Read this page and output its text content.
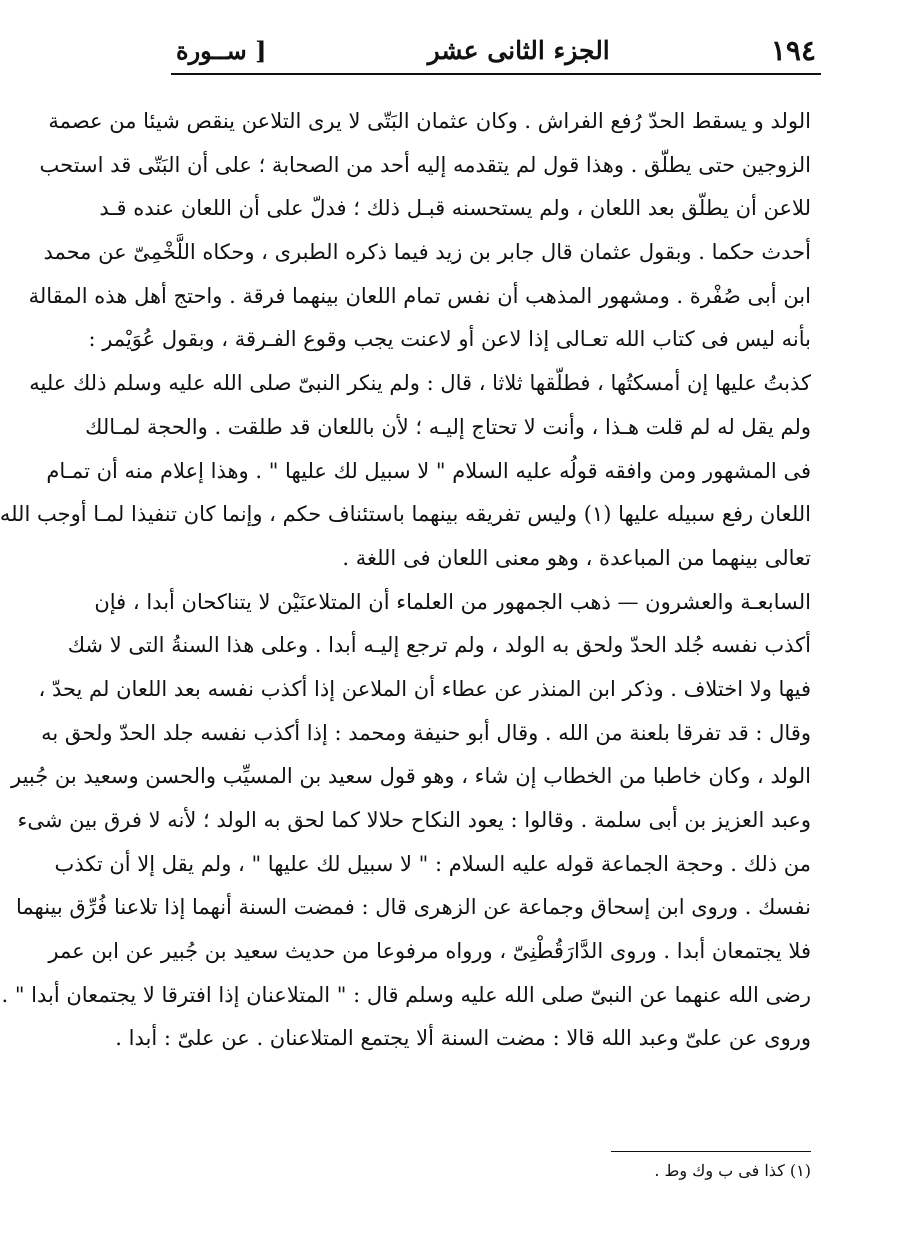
[ ســورة	الجزء الثانى عشر	١٩٤
الولد و يسقط الحدّ رُفع الفراش . وكان عثمان البَتّى لا يرى التلاعن ينقص شيئا من عصمة
الزوجين حتى يطلّق . وهذا قول لم يتقدمه إليه أحد من الصحابة ؛ على أن البَتّى قد استحب
للاعن أن يطلّق بعد اللعان ، ولم يستحسنه قبـل ذلك ؛ فدلّ على أن اللعان عنده قـد
أحدث حكما . وبقول عثمان قال جابر بن زيد فيما ذكره الطبرى ، وحكاه اللَّخْمِىّ عن محمد
ابن أبى صُفْرة . ومشهور المذهب أن نفس تمام اللعان بينهما فرقة . واحتج أهل هذه المقالة
بأنه ليس فى كتاب الله تعـالى إذا لاعن أو لاعنت يجب وقوع الفـرقة ، وبقول عُوَيْمر :
كذبتُ عليها إن أمسكتُها ، فطلّقها ثلاثا ، قال : ولم ينكر النبىّ صلى الله عليه وسلم ذلك عليه
ولم يقل له لم قلت هـذا ، وأنت لا تحتاج إليـه ؛ لأن باللعان قد طلقت . والحجة لمـالك
فى المشهور ومن وافقه قولُه عليه السلام " لا سبيل لك عليها " . وهذا إعلام منه أن تمـام
اللعان رفع سبيله عليها (١) وليس تفريقه بينهما باستئناف حكم ، وإنما كان تنفيذا لمـا أوجب الله
تعالى بينهما من المباعدة ، وهو معنى اللعان فى اللغة .
السابعـة والعشرون — ذهب الجمهور من العلماء أن المتلاعنَيْن لا يتناكحان أبدا ، فإن
أكذب نفسه جُلد الحدّ ولحق به الولد ، ولم ترجع إليـه أبدا . وعلى هذا السنةُ التى لا شك
فيها ولا اختلاف . وذكر ابن المنذر عن عطاء أن الملاعن إذا أكذب نفسه بعد اللعان لم يحدّ ،
وقال : قد تفرقا بلعنة من الله . وقال أبو حنيفة ومحمد : إذا أكذب نفسه جلد الحدّ ولحق به
الولد ، وكان خاطبا من الخطاب إن شاء ، وهو قول سعيد بن المسيِّب والحسن وسعيد بن جُبير
وعبد العزيز بن أبى سلمة . وقالوا : يعود النكاح حلالا كما لحق به الولد ؛ لأنه لا فرق بين شىء
من ذلك . وحجة الجماعة قوله عليه السلام : " لا سبيل لك عليها " ، ولم يقل إلا أن تكذب
نفسك . وروى ابن إسحاق وجماعة عن الزهرى قال : فمضت السنة أنهما إذا تلاعنا فُرِّق بينهما
فلا يجتمعان أبدا . وروى الدَّارَقُطْنِىّ ، ورواه مرفوعا من حديث سعيد بن جُبير عن ابن عمر
رضى الله عنهما عن النبىّ صلى الله عليه وسلم قال : " المتلاعنان إذا افترقا لا يجتمعان أبدا " .
وروى عن علىّ وعبد الله قالا : مضت السنة ألا يجتمع المتلاعنان . عن علىّ : أبدا .
(١) كذا فى ب وك وط .
